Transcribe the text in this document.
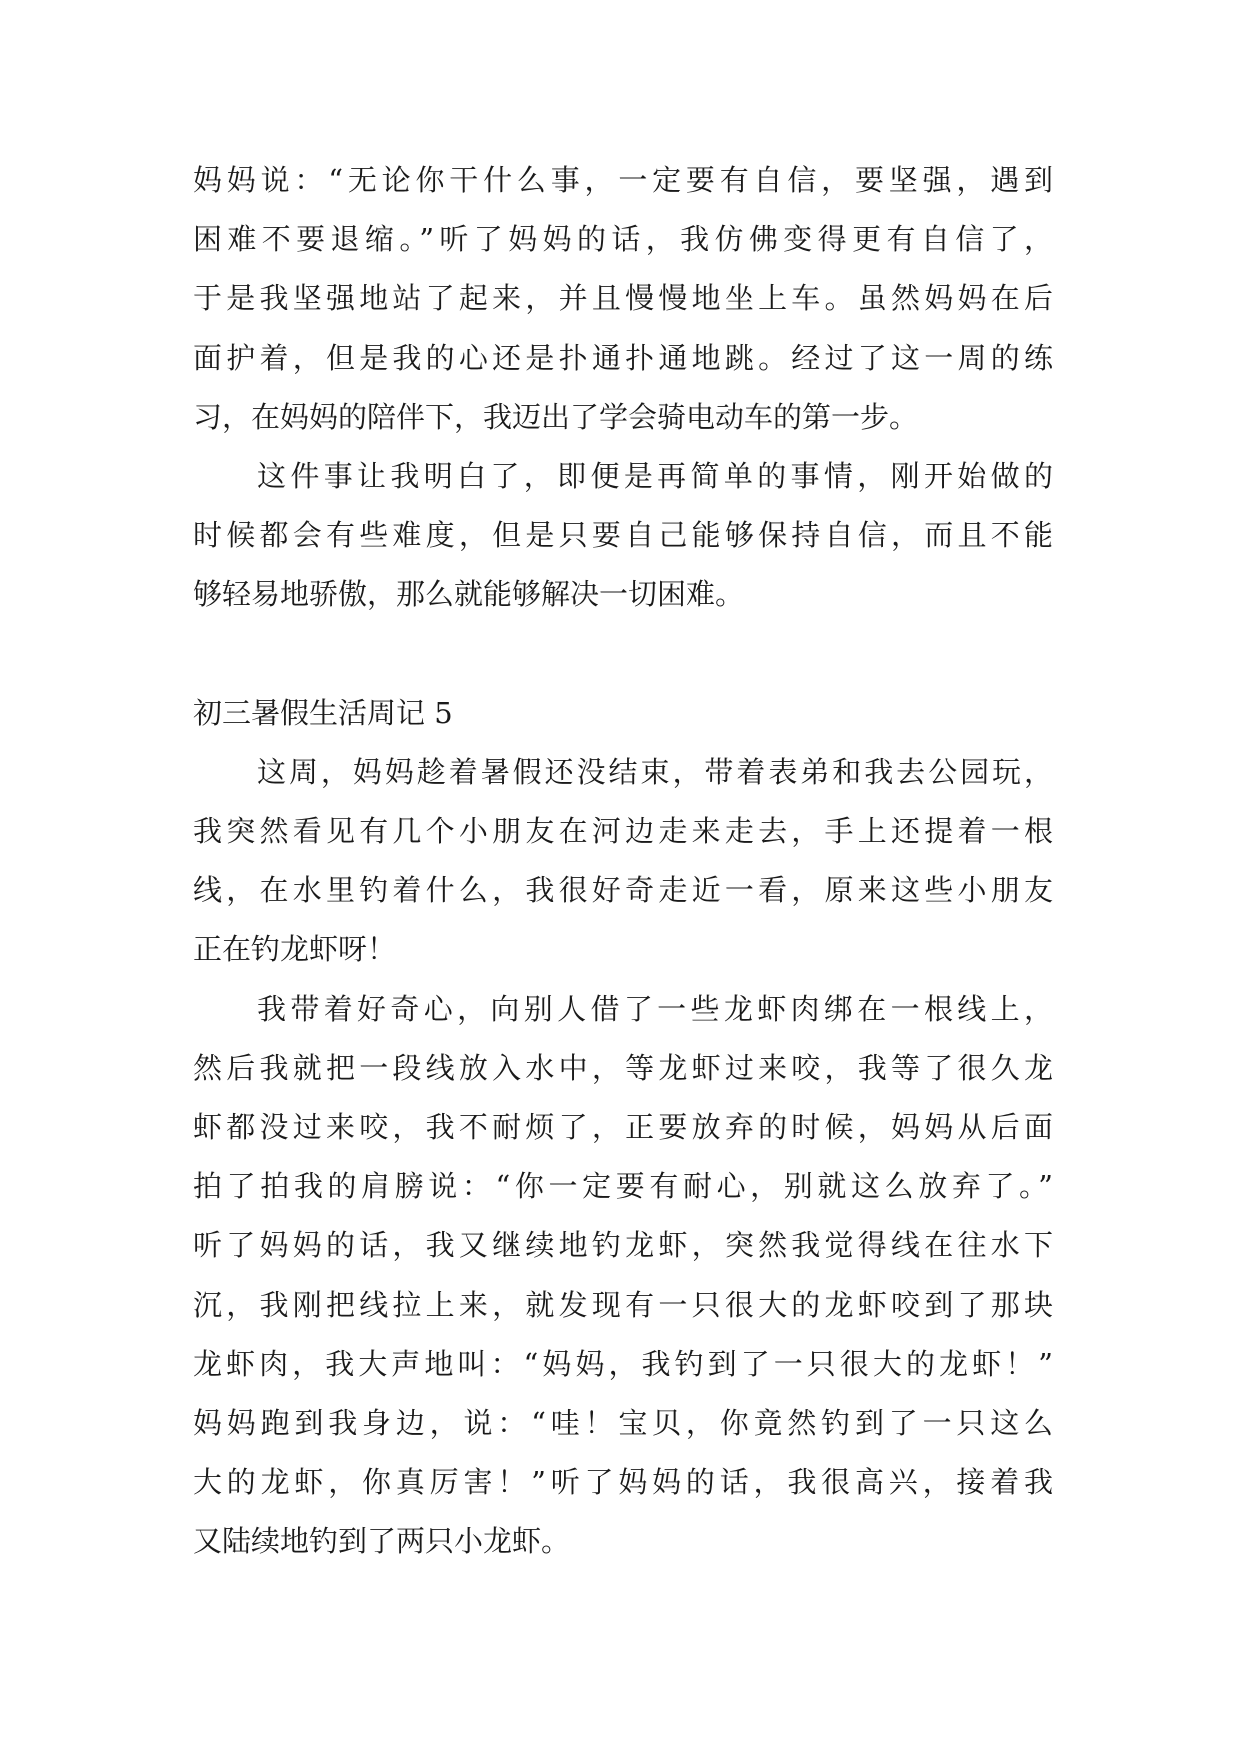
妈妈说：“无论你干什么事，一定要有自信，要坚强，遇到
困难不要退缩。”听了妈妈的话，我仿佛变得更有自信了，
于是我坚强地站了起来，并且慢慢地坐上车。虽然妈妈在后
面护着，但是我的心还是扑通扑通地跳。经过了这一周的练
习，在妈妈的陪伴下，我迈出了学会骑电动车的第一步。
这件事让我明白了，即便是再简单的事情，刚开始做的
时候都会有些难度，但是只要自己能够保持自信，而且不能
够轻易地骄傲，那么就能够解决一切困难。
初三暑假生活周记 5
这周，妈妈趁着暑假还没结束，带着表弟和我去公园玩，
我突然看见有几个小朋友在河边走来走去，手上还提着一根
线，在水里钓着什么，我很好奇走近一看，原来这些小朋友
正在钓龙虾呀！
我带着好奇心，向别人借了一些龙虾肉绑在一根线上，
然后我就把一段线放入水中，等龙虾过来咬，我等了很久龙
虾都没过来咬，我不耐烦了，正要放弃的时候，妈妈从后面
拍了拍我的肩膀说：“你一定要有耐心，别就这么放弃了。”
听了妈妈的话，我又继续地钓龙虾，突然我觉得线在往水下
沉，我刚把线拉上来，就发现有一只很大的龙虾咬到了那块
龙虾肉，我大声地叫：“妈妈，我钓到了一只很大的龙虾！”
妈妈跑到我身边，说：“哇！宝贝，你竟然钓到了一只这么
大的龙虾，你真厉害！”听了妈妈的话，我很高兴，接着我
又陆续地钓到了两只小龙虾。
